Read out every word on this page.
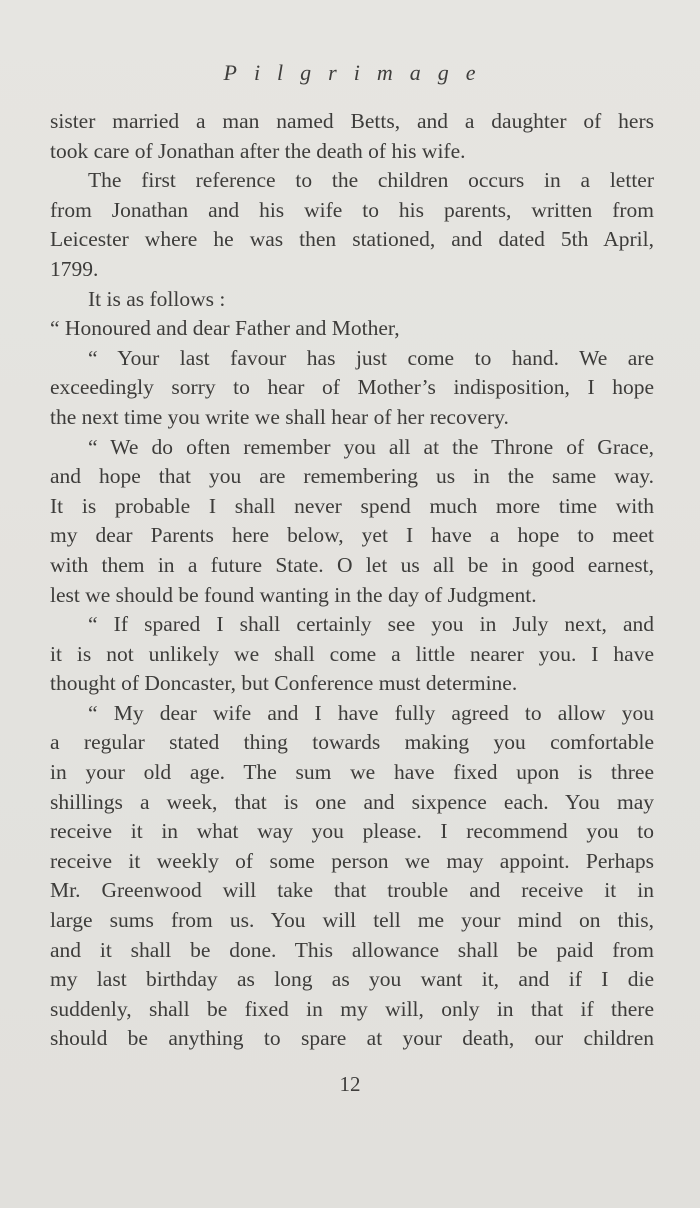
Pilgrimage
sister married a man named Betts, and a daughter of hers
took care of Jonathan after the death of his wife.
The first reference to the children occurs in a letter
from Jonathan and his wife to his parents, written from
Leicester where he was then stationed, and dated 5th April,
1799.
It is as follows :
“ Honoured and dear Father and Mother,
“ Your last favour has just come to hand. We are
exceedingly sorry to hear of Mother’s indisposition, I hope
the next time you write we shall hear of her recovery.
“ We do often remember you all at the Throne of Grace,
and hope that you are remembering us in the same way.
It is probable I shall never spend much more time with
my dear Parents here below, yet I have a hope to meet
with them in a future State. O let us all be in good earnest,
lest we should be found wanting in the day of Judgment.
“ If spared I shall certainly see you in July next, and
it is not unlikely we shall come a little nearer you. I have
thought of Doncaster, but Conference must determine.
“ My dear wife and I have fully agreed to allow you
a regular stated thing towards making you comfortable
in your old age. The sum we have fixed upon is three
shillings a week, that is one and sixpence each. You may
receive it in what way you please. I recommend you to
receive it weekly of some person we may appoint. Perhaps
Mr. Greenwood will take that trouble and receive it in
large sums from us. You will tell me your mind on this,
and it shall be done. This allowance shall be paid from
my last birthday as long as you want it, and if I die
suddenly, shall be fixed in my will, only in that if there
should be anything to spare at your death, our children
12
